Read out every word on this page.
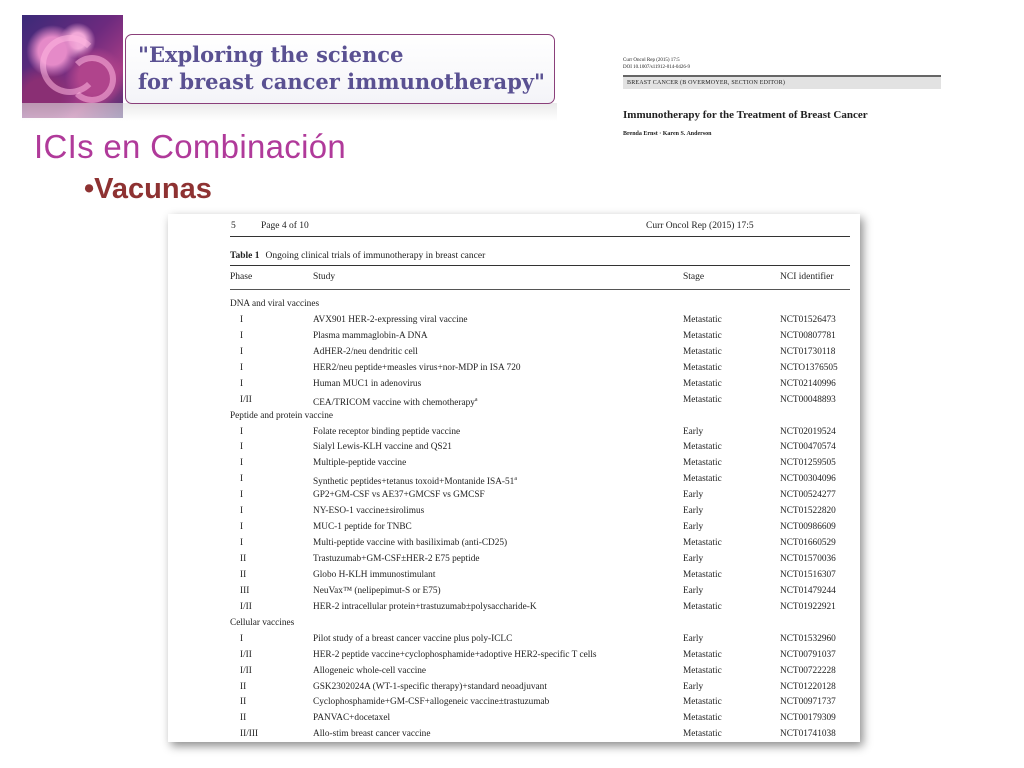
"Exploring the science
for breast cancer immunotherapy"
ICIs en Combinación
•Vacunas
Curr Oncol Rep (2015) 17:5
DOI 10.1007/s11912-014-0426-9
BREAST CANCER (B OVERMOYER, SECTION EDITOR)
Immunotherapy for the Treatment of Breast Cancer
Brenda Ernst · Karen S. Anderson
5	Page 4 of 10	Curr Oncol Rep (2015) 17:5
Table 1 Ongoing clinical trials of immunotherapy in breast cancer
Phase	Study	Stage	NCI identifier
DNA and viral vaccines
I	AVX901 HER-2-expressing viral vaccine	Metastatic	NCT01526473
I	Plasma mammaglobin-A DNA	Metastatic	NCT00807781
I	AdHER-2/neu dendritic cell	Metastatic	NCT01730118
I	HER2/neu peptide+measles virus+nor-MDP in ISA 720	Metastatic	NCTO1376505
I	Human MUC1 in adenovirus	Metastatic	NCT02140996
I/II	CEA/TRICOM vaccine with chemotherapy$^a$	Metastatic	NCT00048893
Peptide and protein vaccine
I	Folate receptor binding peptide vaccine	Early	NCT02019524
I	Sialyl Lewis-KLH vaccine and QS21	Metastatic	NCT00470574
I	Multiple-peptide vaccine	Metastatic	NCT01259505
I	Synthetic peptides+tetanus toxoid+Montanide ISA-51$^a$	Metastatic	NCT00304096
I	GP2+GM-CSF vs AE37+GMCSF vs GMCSF	Early	NCT00524277
I	NY-ESO-1 vaccine±sirolimus	Early	NCT01522820
I	MUC-1 peptide for TNBC	Early	NCT00986609
I	Multi-peptide vaccine with basiliximab (anti-CD25)	Metastatic	NCT01660529
II	Trastuzumab+GM-CSF±HER-2 E75 peptide	Early	NCT01570036
II	Globo H-KLH immunostimulant	Metastatic	NCT01516307
III	NeuVax™ (nelipepimut-S or E75)	Early	NCT01479244
I/II	HER-2 intracellular protein+trastuzumab±polysaccharide-K	Metastatic	NCT01922921
Cellular vaccines
I	Pilot study of a breast cancer vaccine plus poly-ICLC	Early	NCT01532960
I/II	HER-2 peptide vaccine+cyclophosphamide+adoptive HER2-specific T cells	Metastatic	NCT00791037
I/II	Allogeneic whole-cell vaccine	Metastatic	NCT00722228
II	GSK2302024A (WT-1-specific therapy)+standard neoadjuvant	Early	NCT01220128
II	Cyclophosphamide+GM-CSF+allogeneic vaccine±trastuzumab	Metastatic	NCT00971737
II	PANVAC+docetaxel	Metastatic	NCT00179309
II/III	Allo-stim breast cancer vaccine	Metastatic	NCT01741038
